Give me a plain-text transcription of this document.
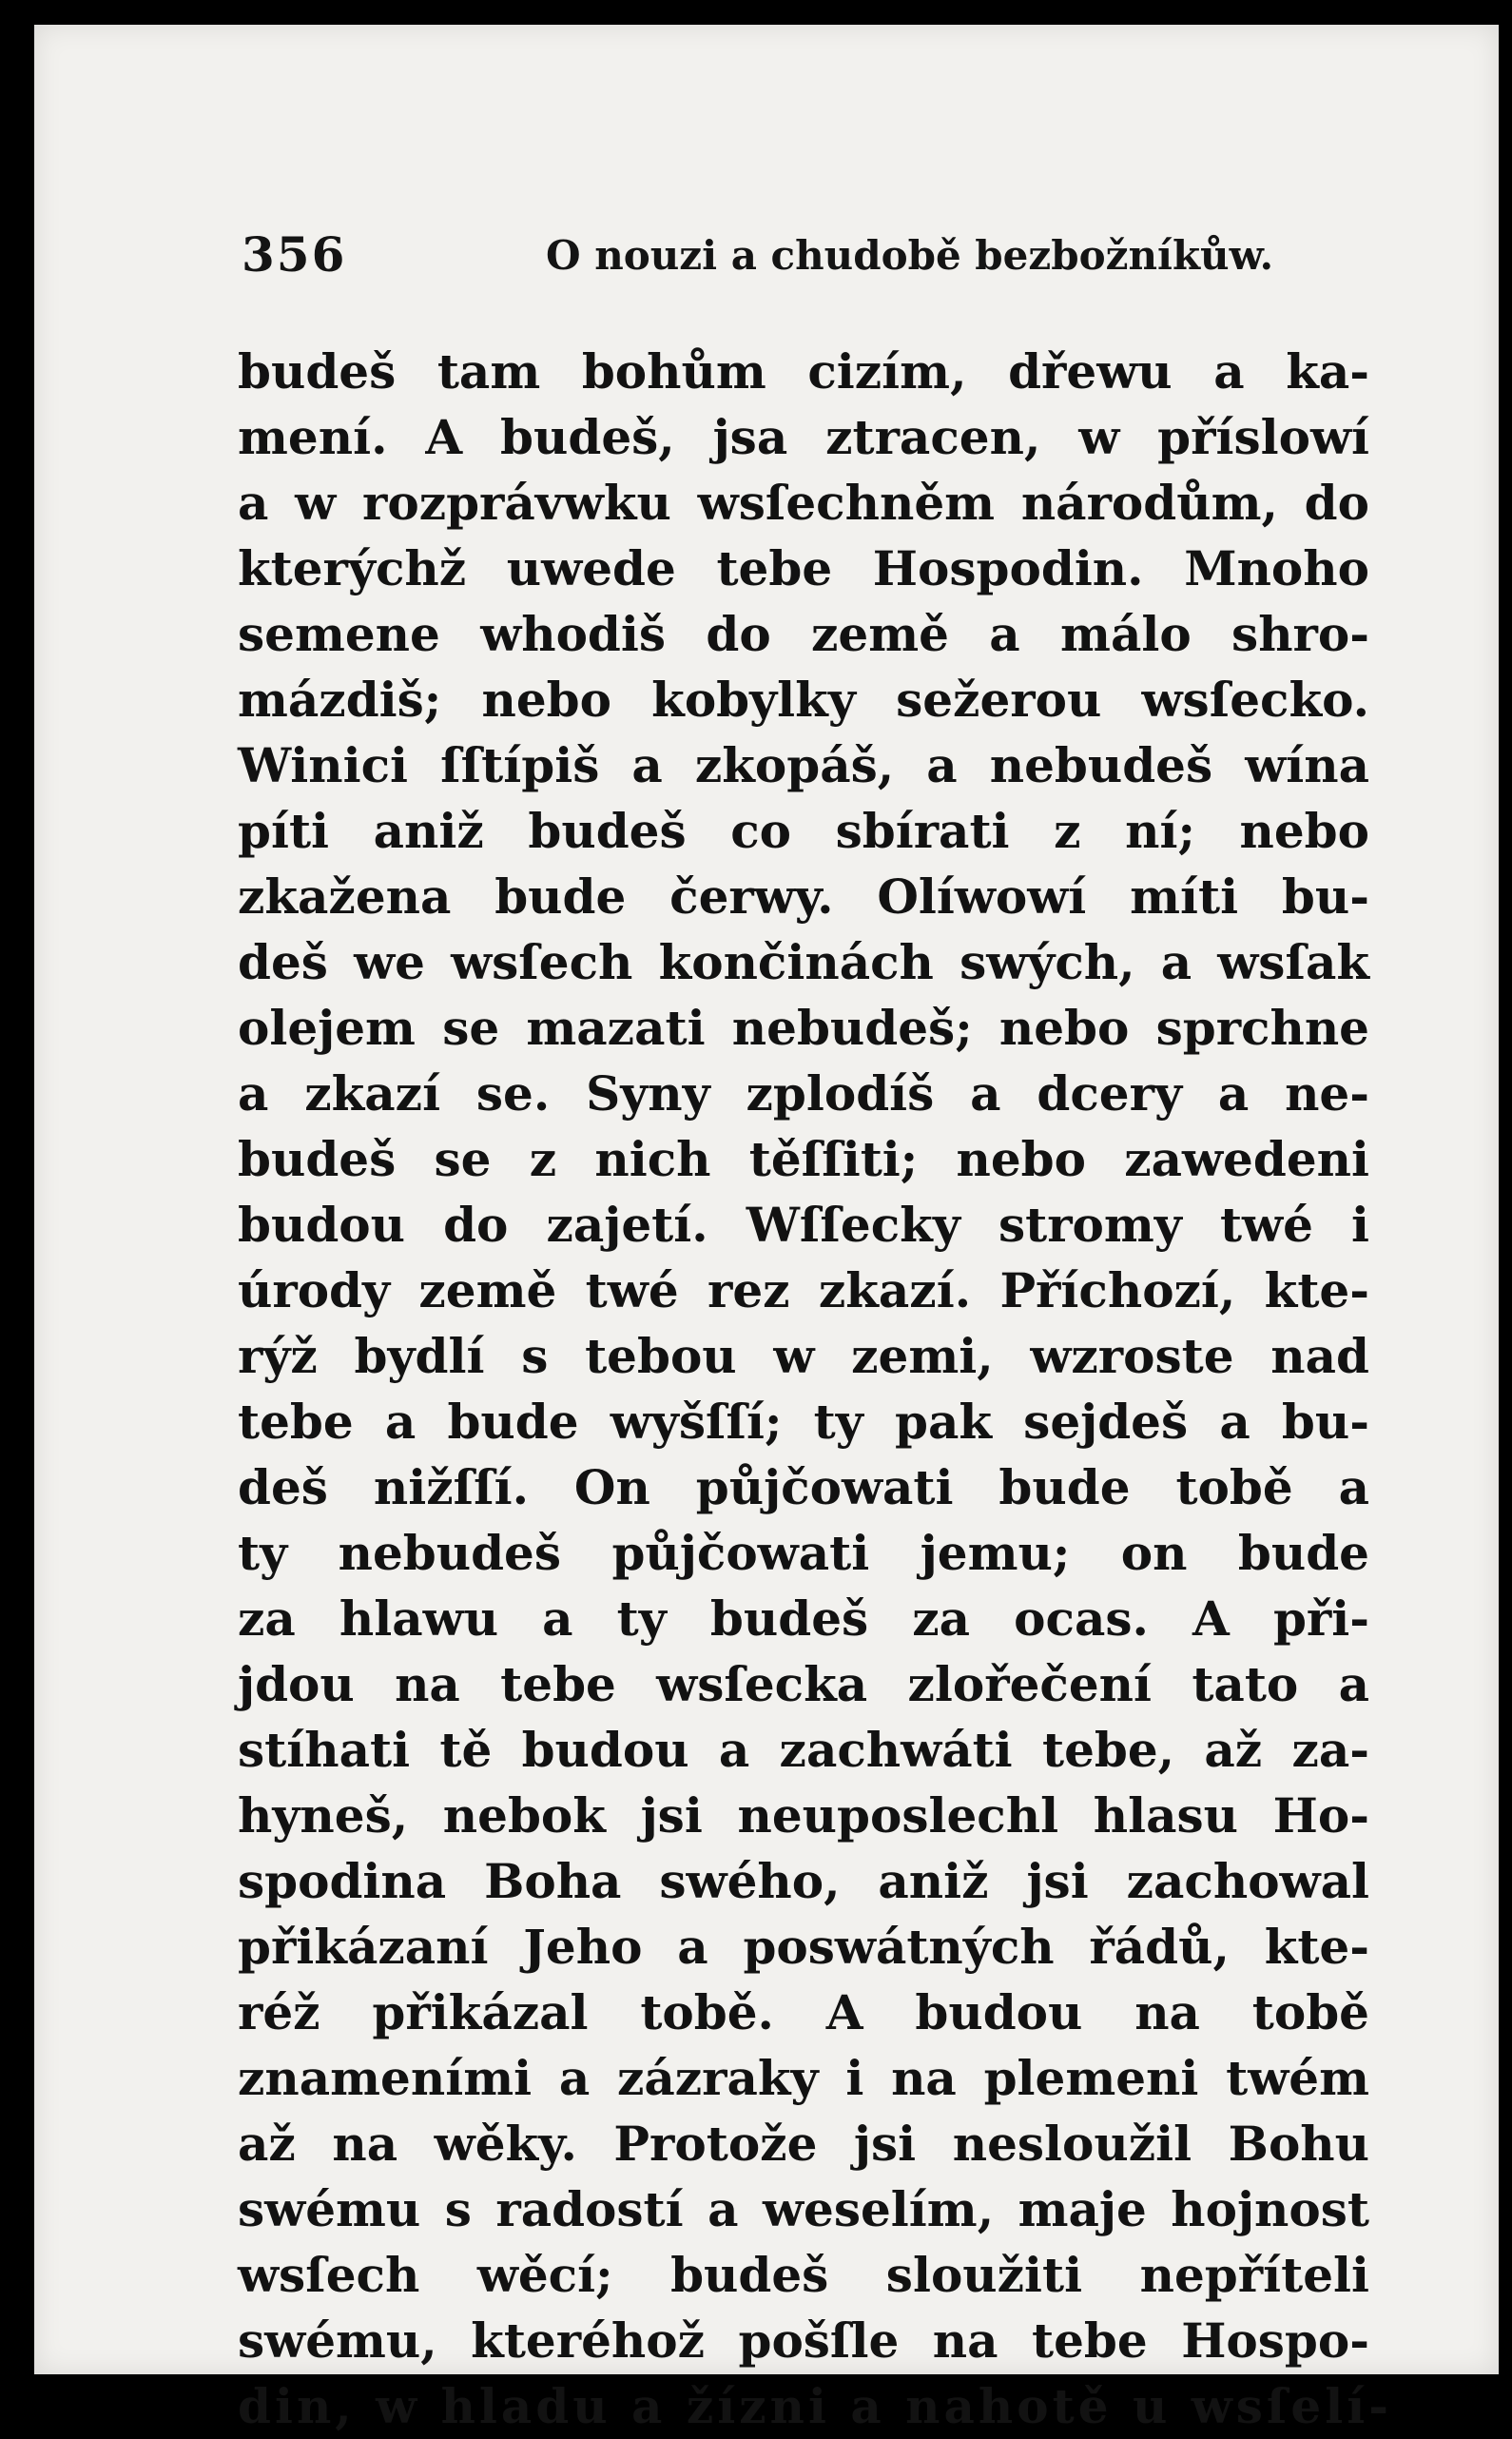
356	O nouzi a chudobě bezbožníkůw.
budeš tam bohům cizím, dřewu a ka-
mení. A budeš, jsa ztracen, w příslowí
a w rozprávwku wsſechněm národům, do
kterýchž uwede tebe Hospodin. Mnoho
semene whodiš do země a málo shro-
mázdiš; nebo kobylky sežerou wsſecko.
Winici ſſtípiš a zkopáš, a nebudeš wína
píti aniž budeš co sbírati z ní; nebo
zkažena bude čerwy. Olíwowí míti bu-
deš we wsſech končinách swých, a wsſak
olejem se mazati nebudeš; nebo sprchne
a zkazí se. Syny zplodíš a dcery a ne-
budeš se z nich těſſiti; nebo zawedeni
budou do zajetí. Wſſecky stromy twé i
úrody země twé rez zkazí. Příchozí, kte-
rýž bydlí s tebou w zemi, wzroste nad
tebe a bude wyšſſí; ty pak sejdeš a bu-
deš nižſſí. On půjčowati bude tobě a
ty nebudeš půjčowati jemu; on bude
za hlawu a ty budeš za ocas. A při-
jdou na tebe wsſecka zlořečení tato a
stíhati tě budou a zachwáti tebe, až za-
hyneš, nebok jsi neuposlechl hlasu Ho-
spodina Boha swého, aniž jsi zachowal
přikázaní Jeho a poswátných řádů, kte-
réž přikázal tobě. A budou na tobě
znameními a zázraky i na plemeni twém
až na wěky. Protože jsi nesloužil Bohu
swému s radostí a weselím, maje hojnost
wsſech wěcí; budeš sloužiti nepříteli
swému, kteréhož pošſle na tebe Hospo-
din, w hladu a žízni a nahotě u wsſelí-
